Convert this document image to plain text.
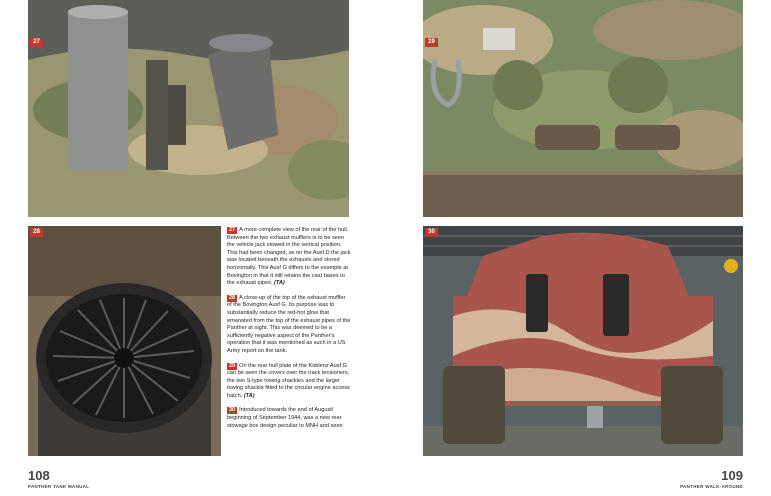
27
28
29
30

27 A more complete view of the rear of the hull. Between the two exhaust mufflers is to be seen the vehicle jack stowed in the vertical position. This had been changed, as on the Ausf D the jack was located beneath the exhausts and stored horizontally. This Ausf G differs to the example at Bovington in that it still retains the cast bases to the exhaust pipes. (TA)

28 A close-up of the top of the exhaust muffler of the Bovington Ausf G. Its purpose was to substantially reduce the red-hot glow that emanated from the top of the exhaust pipes of the Panther at night. This was deemed to be a sufficiently negative aspect of the Panther's operation that it was mentioned as such in a US Army report on the tank.

29 On the rear hull plate of the Koblenz Ausf G can be seen the covers over the track tensioners, the two S-type towing shackles and the larger towing shackle fitted to the circular engine access hatch. (TA)

30 Introduced towards the end of August/ beginning of September 1944, was a new rear stowage box design peculiar to MNH and seen

108
PANTHER TANK MANUAL
109
PANTHER WALK-AROUND
